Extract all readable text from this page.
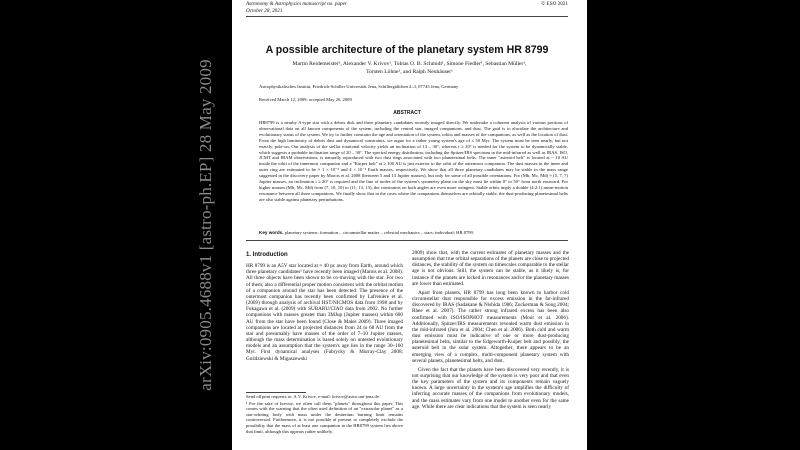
arXiv:0905.4688v1 [astro-ph.EP] 28 May 2009
Astronomy & Astrophysics manuscript no. paper
October 28, 2021
© ESO 2021
A possible architecture of the planetary system HR 8799
Martin Reidemeister¹, Alexander V. Krivov¹, Tobias O. B. Schmidt¹, Simone Fiedler¹, Sebastian Müller¹,
Torsten Löhne¹, and Ralph Neuhäuser¹
Astrophysikalisches Institut, Friedrich-Schiller Universität Jena, Schillergäßchen 2–3, 07745 Jena, Germany
Received March 12, 2009; accepted May 20, 2009
ABSTRACT
HR8799 is a nearby A-type star with a debris disk and three planetary candidates recently imaged directly. We undertake a coherent analysis of various portions of observational data on all known components of the system, including the central star, imaged companions, and dust. The goal is to elucidate the architecture and evolutionary status of the system. We try to further constrain the age and orientation of the system, orbits and masses of the companions, as well as the location of dust. From the high luminosity of debris dust and dynamical constraints, we argue for a rather young system's age of ≤ 50 Myr. The system must be seen nearly, but not exactly, pole-on. Our analysis of the stellar rotational velocity yields an inclination of 13 – 30°, whereas i ≥ 20° is needed for the system to be dynamically stable, which suggests a probable inclination range of 20 – 30°. The spectral energy distribution, including the Spitzer/IRS spectrum in the mid-infrared as well as IRAS, ISO, JCMT and IRAM observations, is naturally reproduced with two dust rings associated with two planetesimal belts. The inner "asteroid belt" is located at ~ 10 AU inside the orbit of the innermost companion and a "Kuiper belt" at ≥ 100 AU is just exterior to the orbit of the outermost companion. The dust masses in the inner and outer ring are estimated to be ≈ 1 × 10⁻⁵ and 4 × 10⁻² Earth masses, respectively. We show that all three planetary candidates may be stable in the mass range suggested in the discovery paper by Marois et al. 2008 (between 5 and 13 Jupiter masses), but only for some of all possible orientations. For (Mb, Mc, Md) ≈ (5, 7, 7) Jupiter masses, an inclination i ≥ 20° is required and the line of nodes of the system's symmetry plane on the sky must lie within 0° to 50° from north eastward. For higher masses (Mb, Mc, Md) from (7, 10, 10) to (11, 13, 13), the constraints on both angles are even more stringent. Stable orbits imply a double (4:2:1) mean-motion resonance between all three companions. We finally show that in the cases where the companions themselves are orbitally stable, the dust-producing planetesimal belts are also stable against planetary perturbations.
Key words. planetary systems: formation – circumstellar matter – celestial mechanics – stars: individual: HR 8799.
1. Introduction

HR 8799 is an A5V star located at ≈ 40 pc away from Earth, around which three planetary candidates¹ have recently been imaged (Marois et al. 2008). All three objects have been shown to be co-moving with the star. For two of them, also a differential proper motion consistent with the orbital motion of a companion around the star has been detected. The presence of the outermost companion has recently been confirmed by Lafrenière et al. (2009) through analysis of archival HST/NICMOS data from 1998 and by Fukagawa et al. (2009) with SUBARU/CIAO data from 2002. No further companions with masses greater than 3MJup (Jupiter masses) within 600 AU from the star have been found (Close & Males 2009). Three imaged companions are located at projected distances from 24 to 68 AU from the star and presumably have masses of the order of 7–10 Jupiter masses, although the mass determination is based solely on untested evolutionary models and an assumption that the system's age lies in the range 30–160 Myr. First dynamical analyses (Fabrycky & Murray-Clay 2008; Goździewski & Migaszewski

Send offprint requests to: A.V. Krivov, e-mail: krivov@astro.uni-jena.de

¹ For the sake of brevity, we often call them "planets" throughout this paper. This comes with the warning that the often used definition of an "extrasolar planet" as a star-orbiting body with mass under the deuterium burning limit remains controversial. Furthermore, it is not possible at present to completely exclude the possibility that the mass of at least one companion in the HR8799 system lies above that limit, although this appears rather unlikely.

2009) show that, with the current estimates of planetary masses and the assumption that true orbital separations of the planets are close to projected distances, the stability of the system on timescales comparable to the stellar age is not obvious. Still, the system can be stable, as it likely is, for instance if the planets are locked in resonances and/or the planetary masses are lower than estimated.

Apart from planets, HR 8799 has long been known to harbor cold circumstellar dust responsible for excess emission in the far-infrared discovered by IRAS (Sadakane & Nishida 1986; Zuckerman & Song 2004; Rhee et al. 2007). The rather strong infrared excess has been also confirmed with ISO/ISOPHOT measurements (Moór et al. 2006). Additionally, Spitzer/IRS measurements revealed warm dust emission in the mid-infrared (Jura et al. 2004; Chen et al. 2006). Both cold and warm dust emission must be indicative of one or more dust-producing planetesimal belts, similar to the Edgeworth-Kuiper belt and possibly, the asteroid belt in the solar system. Altogether, there appears to be an emerging view of a complex, multi-component planetary system with several planets, planetesimal belts, and dust.

Given the fact that the planets have been discovered very recently, it is not surprising that our knowledge of the system is very poor and that even the key parameters of the system and its components remain vaguely known. A large uncertainty in the system's age amplifies the difficulty of inferring accurate masses of the companions from evolutionary models, and the mass estimates vary from one model to another even for the same age. While there are clear indications that the system is seen nearly
